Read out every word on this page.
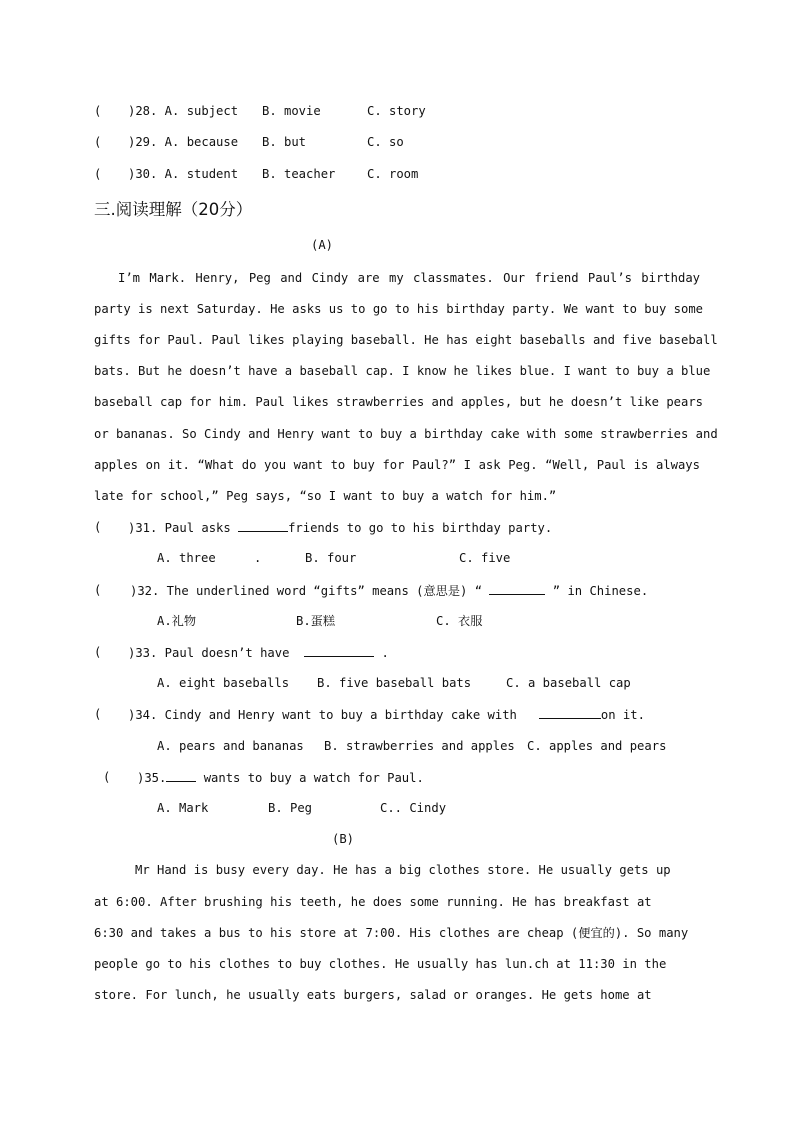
( )28. A. subject B. movie	C. story
( )29. A. because B. but	C. so
( )30. A. student B. teacher	C. room
三.阅读理解（20分）
(A)
I’m Mark. Henry, Peg and Cindy are my classmates. Our friend Paul’s birthday
party is next Saturday. He asks us to go to his birthday party. We want to buy some
gifts for Paul. Paul likes playing baseball. He has eight baseballs and five baseball
bats. But he doesn’t have a baseball cap. I know he likes blue. I want to buy a blue
baseball cap for him. Paul likes strawberries and apples, but he doesn’t like pears
or bananas. So Cindy and Henry want to buy a birthday cake with some strawberries and
apples on it. “What do you want to buy for Paul?” I ask Peg. “Well, Paul is always
late for school,” Peg says, “so I want to buy a watch for him.”
( )31. Paul asks	friends to go to his birthday party.
A. three	.	B. four	C. five
( )32. The underlined word “gifts” means (意思是) “	” in Chinese.
A.礼物	B.蛋糕	C. 衣服
( )33. Paul doesn’t have	.
A. eight baseballs B. five baseball bats	C. a baseball cap
( )34. Cindy and Henry want to buy a birthday cake with	on it.
A. pears and bananas B. strawberries and apples C. apples and pears
( )35. wants to buy a watch for Paul.
A. Mark	B. Peg	C.. Cindy
(B)
Mr Hand is busy every day. He has a big clothes store. He usually gets up
at 6:00. After brushing his teeth, he does some running. He has breakfast at
6:30 and takes a bus to his store at 7:00. His clothes are cheap (便宜的). So many
people go to his clothes to buy clothes. He usually has lun.ch at 11:30 in the
store. For lunch, he usually eats burgers, salad or oranges. He gets home at
